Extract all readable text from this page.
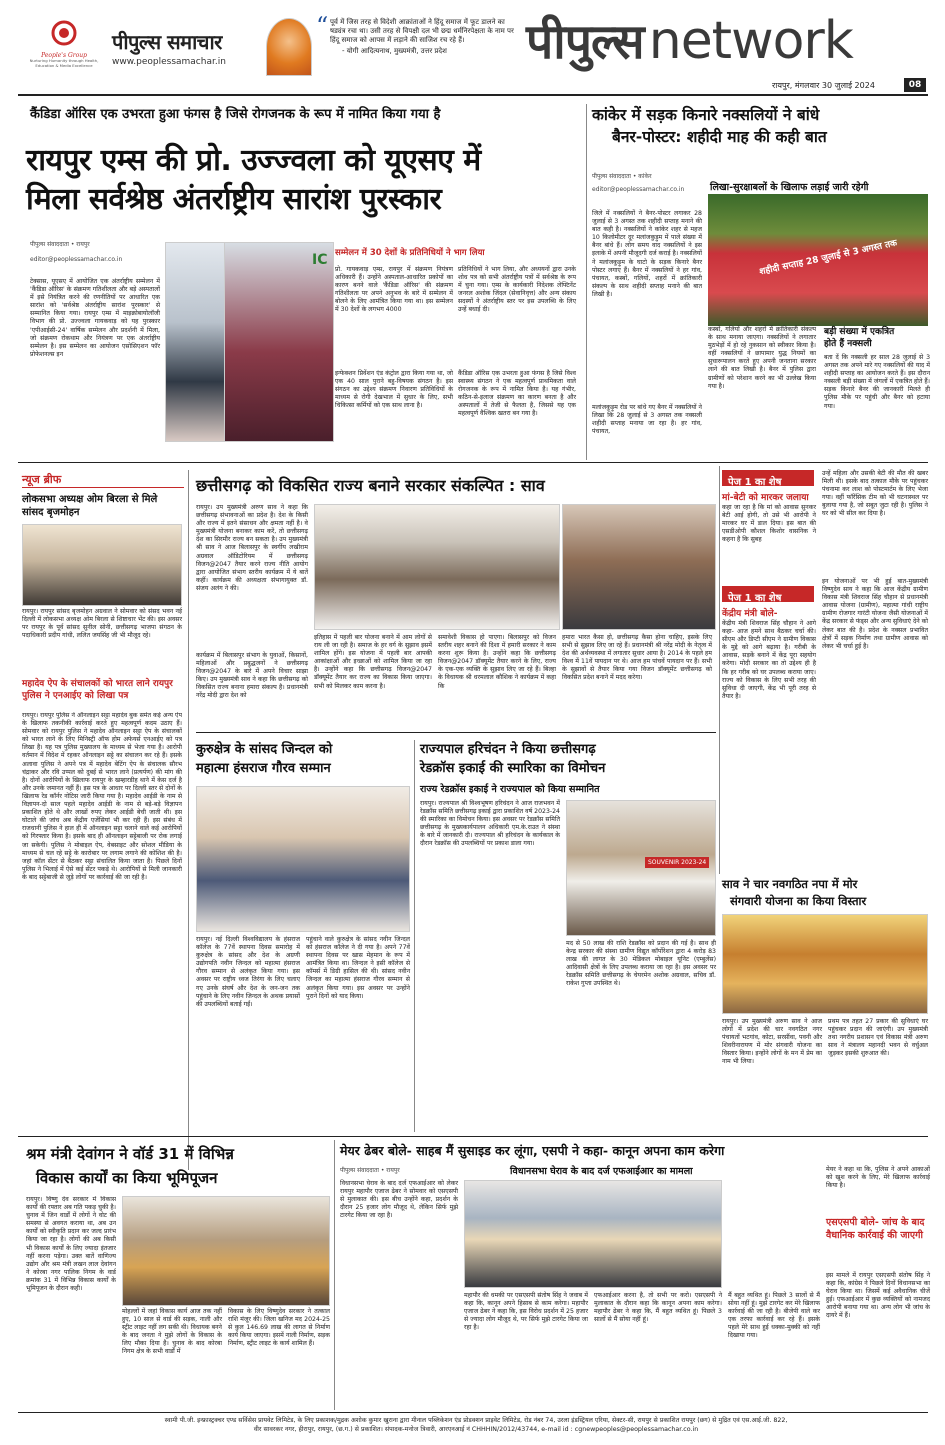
People's Group
Nurturing Humanity through Health, Education & Media Excellence
पीपुल्स समाचार
www.peoplessamachar.in
“ पूर्व में जिस तरह से विदेशी आक्रांताओं ने हिंदू समाज में फूट डालने का षड्यंत्र रचा था। उसी तरह से विपक्षी दल भी छद्म धर्मनिरपेक्षता के नाम पर हिंदू समाज को आपस में लड़ाने की साजिश रच रहे हैं।
- योगी आदित्यनाथ, मुख्यमंत्री, उत्तर प्रदेश	पीपुल्स network
रायपुर, मंगलवार 30 जुलाई 2024	08
कैंडिडा ऑरिस एक उभरता हुआ फंगस है जिसे रोगजनक के रूप में नामित किया गया है
रायपुर एम्स की प्रो. उज्ज्वला को यूएसए में
मिला सर्वश्रेष्ठ अंतर्राष्ट्रीय सारांश पुरस्कार
पीपुल्स संवाददाता • रायपुर
editor@peoplessamachar.co.in	IC सम्मेलन में 30 देशों के प्रतिनिधियों ने भाग लिया
टेक्सास, यूएसए में आयोजित एक अंतर्राष्ट्रीय सम्मेलन में 'कैंडिडा ऑरिस' के संक्रमण गतिशीलता और बड़े अस्पतालों में इसे नियंत्रित करने की रणनीतियों पर आधारित एक सारांश को 'सर्वश्रेष्ठ अंतर्राष्ट्रीय सारांश पुरस्कार' से सम्मानित किया गया। रायपुर एम्स में माइक्रोबायोलॉजी विभाग की प्रो. उज्ज्वला गायकवाड़ को यह पुरस्कार 'एपीआईसी-24' वार्षिक सम्मेलन और प्रदर्शनी में मिला, जो संक्रमण रोकथाम और नियंत्रण पर एक अंतर्राष्ट्रीय सम्मेलन है। इस सम्मेलन का आयोजन एसोसिएशन फॉर प्रोफेशनल्स इन
प्रो. गायकवाड़ एम्स, रायपुर में संक्रमण नियंत्रण अधिकारी हैं। उन्होंने अस्पताल-आधारित प्रकोपों का कारण बनने वाले 'कैंडिडा ऑरिस' की संक्रमण गतिशीलता पर अपने अनुभव के बारे में सम्मेलन में बोलने के लिए आमंत्रित किया गया था। इस सम्मेलन में 30 देशों के लगभग 4000
प्रतिनिधियों ने भाग लिया, और अध्ययनों द्वारा उनके शोध पत्र को सभी अंतर्राष्ट्रीय पत्रों में सर्वश्रेष्ठ के रूप में चुना गया। एम्स के कार्यकारी निदेशक लेफ्टिनेंट जनरल अशोक जिंदल (सेवानिवृत्त) और अन्य संकाय सदस्यों ने अंतर्राष्ट्रीय स्तर पर इस उपलब्धि के लिए उन्हें बधाई दी।
इन्फेक्शन प्रिवेंशन एंड कंट्रोल द्वारा किया गया था, जो एक 40 साल पुराने बहु-विषयक संगठन है। इस संगठन का उद्देश्य संक्रमण निवारण प्रतिविधियों के माध्यम से रोगी देखभाल में सुधार के लिए, सभी चिकित्सा कर्मियों को एक साथ लाना है।
कैंडिडा ऑरिस एक उभरता हुआ फंगस है जिसे विश्व स्वास्थ्य संगठन ने एक महत्वपूर्ण प्राथमिकता वाले रोगजनक के रूप में नामित किया है। यह गंभीर, कठिन-से-इलाज संक्रमण का कारण बनता है और अस्पतालों में तेजी से फैलता है, जिससे यह एक महत्वपूर्ण वैश्विक खतरा बन गया है।
कांकेर में सड़क किनारे नक्सलियों ने बांधे
बैनर-पोस्टर: शहीदी माह की कही बात
पीपुल्स संवाददाता • कांकेर
editor@peoplessamachar.co.in	लिखा-सुरक्षाबलों के खिलाफ लड़ाई जारी रहेगी
शहीदी सप्ताह 28 जुलाई से 3 अगस्त तक
जिले में नक्सलियों ने बैनर-पोस्टर लगाकर 28 जुलाई से 3 अगस्त तक शहीदी सप्ताह मनाने की बात कही है। नक्सलियों ने कांकेर शहर से महज 10 किलोमीटर दूर मलांजकुड़ुम में पाले संख्या में बैनर बांधे हैं। लोग समय वाद नक्सलियों ने इस इलाके में अपनी मौजूदगी दर्ज कराई है। नक्सलियों ने मलांजकुड़ुम के घाटो के सड़क किनारे बैनर पोस्टर लगाए हैं। बैनर में नक्सलियों ने हर गांव, पंचायत, कस्बों, गलियों, शहरों में क्रांतिकारी संकल्प के साथ शहीदी सप्ताह मनाने की बात लिखी है।
मलांजकुड़ुम रोड पर बांधे गए बैनर में नक्सलियों ने लिखा कि 28 जुलाई से 3 अगस्त तक नक्सली शहीदी सप्ताह मनाया जा रहा है। हर गांव, पंचायत,
कस्बों, गलियों और शहरों में क्रांतिकारी संकल्प के साथ मनाया जाएगा। नक्सलियों ने लगातार मुठभेड़ों में हो रहे नुकसान को स्वीकार किया है। वहीं नक्सलियों ने छापामार युद्ध नियमों का सुचारूपालन करते हुए अपनी जनताना सरकार लाने की बात लिखी है। बैनर में पुलिस द्वारा ग्रामीणों को परेशान करने का भी उल्लेख किया गया है।
बड़ी संख्या में एकत्रित
होते हैं नक्सली
बता दें कि नक्सली हर साल 28 जुलाई से 3 अगस्त तक अपने मारे गए नक्सलियों की याद में शहीदी सप्ताह का आयोजन करते हैं। इस दौरान नक्सली बड़ी संख्या में जंगलों में एकत्रित होते हैं। सड़क किनारे बैनर की जानकारी मिलते ही पुलिस मौके पर पहुंची और बैनर को हटाया गया।
न्यूज ब्रीफ
लोकसभा अध्यक्ष ओम बिरला से मिले सांसद बृजमोहन
रायपुर। रायपुर सांसद बृजमोहन अग्रवाल ने सोमवार को संसद भवन नई दिल्ली में लोकसभा अध्यक्ष ओम बिरला से शिष्टाचार भेंट की। इस अवसर पर रायपुर के पूर्व सांसद सुनील सोनी, छत्तीसगढ़ भाजपा संगठन के पदाधिकारी प्रदीप गांधी, ललित जयसिंह जी भी मौजूद रहे।
महादेव ऐप के संचालकों को भारत लाने रायपुर पुलिस ने एनआईए को लिखा पत्र
रायपुर। रायपुर पुलिस ने ऑनलाइन सट्टा महादेव बुक समेत कई अन्य ऐप के खिलाफ तकनीकी कार्रवाई करते हुए महत्वपूर्ण कदम उठाए हैं। सोमवार को रायपुर पुलिस ने महादेव ऑनलाइन सट्टा ऐप के संचालकों को भारत लाने के लिए मिनिस्ट्री ऑफ होम अफेयर्स एनआईए को पत्र लिखा है। यह पत्र पुलिस मुख्यालय के माध्यम से भेजा गया है। आरोपी वर्तमान में विदेश में रहकर ऑनलाइन सट्टे का संचालन कर रहे हैं। इसके अलावा पुलिस ने अपने पत्र में महादेव बेटिंग ऐप के संचालक सौरभ चंद्राकर और रवि उप्पल को दुबई से भारत लाने (प्रत्यर्पण) की मांग की है। दोनों आरोपियों के खिलाफ रायपुर के खम्हारडीह थाने में केस दर्ज है और उनके जमानत नहीं हैं। इस पत्र के आधार पर दिल्ली स्तर से दोनों के खिलाफ रेड कॉर्नर नोटिस जारी किया गया है। महादेव आईडी के नाम से विज्ञापन-दो साल पहले महादेव आईडी के नाम से बड़े-बड़े विज्ञापन प्रकाशित होते थे और लाखों रुपए लेकर आईडी बेची जाती थी। इस घोटाले की जांच अब केंद्रीय एजेंसियां भी कर रही हैं। इस संबंध में राजधानी पुलिस ने हाल ही में ऑनलाइन सट्टा चलाने वाले कई आरोपियों को गिरफ्तार किया है। इसके बाद ही ऑनलाइन सट्टेबाजी पर रोक लगाई जा सकेगी। पुलिस ने मोबाइल ऐप, वेबसाइट और सोशल मीडिया के माध्यम से चल रहे सट्टे के कारोबार पर लगाम लगाने की कोशिश की है। जहां कॉल सेंटर से बैठकर सट्टा संचालित किया जाता है। पिछले दिनों पुलिस ने भिलाई में ऐसे कई सेंटर पकड़े थे। आरोपियों से मिली जानकारी के बाद सट्टेबाजी से जुड़े लोगों पर कार्रवाई की जा रही है।
छत्तीसगढ़ को विकसित राज्य बनाने सरकार संकल्पित : साव
रायपुर। उप मुख्यमंत्री अरुण साव ने कहा कि छत्तीसगढ़ संभावनाओं का प्रदेश है। देश के किसी और राज्य में इतने संसाधन और क्षमता नहीं है। वे मुख्यमंत्री योजना बनाकर काम करें, तो छत्तीसगढ़ देश का सिरमौर राज्य बन सकता है। उप मुख्यमंत्री श्री साव ने आज बिलासपुर के स्वर्गीय लखीराम अग्रवाल ऑडिटोरियम में छत्तीसगढ़ विजन@2047 तैयार करने राज्य नीति आयोग द्वारा आयोजित संभाग स्तरीय कार्यक्रम में ये बातें कहीं। कार्यक्रम की अध्यक्षता संभागायुक्त डॉ. संजय अलंग ने की।
कार्यक्रम में बिलासपुर संभाग के युवाओं, किसानों, महिलाओं और प्रबुद्धजनों ने छत्तीसगढ़ विजन@2047 के बारे में अपने विचार साझा किए। उप मुख्यमंत्री साव ने कहा कि छत्तीसगढ़ को विकसित राज्य बनाना हमारा संकल्प है। प्रधानमंत्री नरेंद्र मोदी द्वारा देश को
इतिहास में पहली बार योजना बनाने में आम लोगों से राय ली जा रही है। समाज के हर वर्ग के सुझाव इसमें शामिल होंगे। इस योजना में पहली बार आपकी आकांक्षाओं और इच्छाओं को शामिल किया जा रहा है। उन्होंने कहा कि छत्तीसगढ़ विजन@2047 डॉक्यूमेंट तैयार कर राज्य का विकास किया जाएगा। सभी को मिलकर काम करना है।
समावेशी विकास हो पाएगा। बिलासपुर को विजन स्तरीय शहर बनाने की दिशा में हमारी सरकार ने काम करना शुरू किया है। उन्होंने कहा कि छत्तीसगढ़ विजन@2047 डॉक्यूमेंट तैयार करने के लिए, राज्य के एक-एक व्यक्ति के सुझाव लिए जा रहे हैं। बिल्हा के विधायक श्री धरमलाल कौशिक ने कार्यक्रम में कहा कि
हमारा भारत कैसा हो, छत्तीसगढ़ कैसा होना चाहिए, इसके लिए सभी से सुझाव लिए जा रहे हैं। प्रधानमंत्री श्री नरेंद्र मोदी के नेतृत्व में देश की अर्थव्यवस्था में लगातार सुधार आया है। 2014 के पहले हम विश्व में 11वें पायदान पर थे। आज हम पांचवें पायदान पर हैं। सभी के सुझावों से तैयार किया गया विजन डॉक्यूमेंट छत्तीसगढ़ को विकसित प्रदेश बनाने में मदद करेगा।
पेज 1 का शेष
मां-बेटी को मारकर जलाया
कहा जा रहा है कि मां को आवास सुनकर बेटी आई होगी, तो उसे भी आरोपी ने मारकर घर में डाल दिया। इस बात की एसडीओपी कौशल किशोर वासनिक ने कहना है कि सुबह
उन्हें महिला और उसकी बेटी की मौत की खबर मिली थी। इसके बाद तत्काल मौके पर पहुंचकर पंचनामा कर लाश को पोस्टमार्टम के लिए भेजा गया। वहीं फॉरेंसिक टीम को भी घटनास्थल पर बुलाया गया है, जो सबूत जुटा रही है। पुलिस ने घर को भी सील कर दिया है।
पेज 1 का शेष
केंद्रीय मंत्री बोले-
केंद्रीय मंत्री शिवराज सिंह चौहान ने आगे कहा- आज हमने साथ बैठकर चर्चा की। सीएम और डिप्टी सीएम ने ग्रामीण विकास के मुद्दे को आगे बढ़ाया है। गरीबी के आवास, सड़कें बनाने में केंद्र पूरा सहयोग करेगा। मोदी सरकार का तो उद्देश्य ही है कि हर गरीब को घर उपलब्ध कराया जाए। राज्य को विकास के लिए सभी तरह की सुविधा दी जाएगी, केंद्र भी पूरी तरह से तैयार है।
इन योजनाओं पर भी हुई बात-मुख्यमंत्री विष्णुदेव साय ने कहा कि आज केंद्रीय ग्रामीण विकास मंत्री शिवराज सिंह चौहान से प्रधानमंत्री आवास योजना (ग्रामीण), महात्मा गांधी राष्ट्रीय ग्रामीण रोजगार गारंटी योजना जैसी योजनाओं में केंद्र सरकार से फंड्स और अन्य सुविधाएं देने को लेकर बात की है। प्रदेश के नक्सल प्रभावित क्षेत्रों में सड़क निर्माण तथा ग्रामीण आवास को लेकर भी चर्चा हुई है।
कुरुक्षेत्र के सांसद जिन्दल को
महात्मा हंसराज गौरव सम्मान
रायपुर। नई दिल्ली विश्वविद्यालय के हंसराज कॉलेज के 77वें स्थापना दिवस समारोह में कुरुक्षेत्र के सांसद और देश के अग्रणी उद्योगपति नवीन जिन्दल को महात्मा हंसराज गौरव सम्मान से अलंकृत किया गया। इस अवसर पर राष्ट्रीय ध्वज तिरंगा के लिए चलाए गए उनके संघर्ष और देश के जन-जन तक पहुंचाने के लिए नवीन जिन्दल के अथक प्रयासों की उपलब्धियों बताई गईं।
पहुंचाने वाले कुरुक्षेत्र के सांसद नवीन जिन्दल को हंसराज कॉलेज ने दी गया है। अपने 77वें स्थापना दिवस पर खास मेहमान के रूप में आमंत्रित किया था। जिन्दल ने इसी कॉलेज से कॉमर्स में डिग्री हासिल की थी। सांसद नवीन जिन्दल का महात्मा हंसराज गौरव सम्मान से अलंकृत किया गया। इस अवसर पर उन्होंने पुराने दिनों को याद किया।
राज्यपाल हरिचंदन ने किया छत्तीसगढ़
रेडक्रॉस इकाई की स्मारिका का विमोचन
राज्य रेडक्रॉस इकाई ने राज्यपाल को किया सम्मानित
रायपुर। राज्यपाल श्री विश्वभूषण हरिचंदन ने आज राजभवन में रेडक्रॉस समिति छत्तीसगढ़ इकाई द्वारा प्रकाशित वर्ष 2023-24 की स्मारिका का विमोचन किया। इस अवसर पर रेडक्रॉस समिति छत्तीसगढ़ के मुख्यकार्यपालन अधिकारी एम.के.राउत ने संस्था के बारे में जानकारी दी। राज्यपाल श्री हरिचंदन के कार्यकाल के दौरान रेडक्रॉस की उपलब्धियों पर प्रकाश डाला गया।
SOUVENIR 2023-24
मद से 50 लाख की राशि रेडक्रॉस को प्रदान की गई है। साथ ही केन्द्र सरकार की संस्था ग्रामीण विद्युत कॉर्पोरेशन द्वारा 4 करोड़ 83 लाख की लागत के 30 मेडिकल मोबाइल यूनिट (एम्बुलेंस) आदिवासी क्षेत्रों के लिए उपलब्ध कराया जा रहा है। इस अवसर पर रेडक्रॉस समिति छत्तीसगढ़ के चेयरमेन अशोक अग्रवाल, सचिव डॉ. राकेश गुप्ता उपस्थित थे।
साव ने चार नवगठित नपा में मोर
संगवारी योजना का किया विस्तार
रायपुर। उप मुख्यमंत्री अरुण साव ने आज लोगों में प्रदेश की चार नवगठित नगर पंचायतों भटगांव, कोटा, सरसींवा, पवनी और शिवरीनारायण में मोर संगवारी योजना का विस्तार किया। इन्होंने लोगों के मन में प्रेम का नाम भी लिया।
प्रथम पत्र तहत 27 प्रकार की सुविधाएं घर पहुंचकर प्रदान की जाएंगी। उप मुख्यमंत्री तथा नगरीय प्रशासन एवं विकास मंत्री अरुण साव ने मंत्रालय महानदी भवन से वर्चुअल जुड़कर इसकी शुरुआत की।
श्रम मंत्री देवांगन ने वॉर्ड 31 में विभिन्न
विकास कार्यों का किया भूमिपूजन
रायपुर। विष्णु देव सरकार में विकास कार्यों की रफ्तार अब गति पकड़ चुकी है। चुनाव में जिन वार्डों में लोगों ने वोट की समस्या से अवगत कराया था, अब उन कार्यों को स्वीकृति प्रदान कर जल्द प्रारंभ किया जा रहा है। लोगों की अब किसी भी विकास कार्यों के लिए ज्यादा इंतजार नहीं करना पड़ेगा। उक्त बातें वाणिज्य उद्योग और श्रम मंत्री लखन लाल देवांगन ने कोरबा नगर पालिक निगम के वार्ड क्रमांक 31 में विभिन्न विकास कार्यों के भूमिपूजन के दौरान कही।
मोहल्लों में जहां विकास कार्य आज तक नहीं हुए, 10 साल से वार्ड की सड़क, नाली और स्ट्रीट लाइट नहीं लग सकी थी। विधायक बनने के बाद जनता ने मुझे लोगों के विकास के लिए मौका दिया है। चुनाव के बाद कोरबा निगम क्षेत्र के सभी वार्डों में
विकास के लिए विष्णुदेव सरकार ने तत्काल राशि मंजूर की। जिला खनिज मद 2024-25 से कुल 146.69 लाख की लागत से निर्माण कार्य किया जाएगा। इसमें नाली निर्माण, सड़क निर्माण, स्ट्रीट लाइट के कार्य शामिल हैं।
मेयर ढेबर बोले- साहब मैं सुसाइड कर लूंगा, एसपी ने कहा- कानून अपना काम करेगा
पीपुल्स संवाददाता • रायपुर	विधानसभा घेराव के बाद दर्ज एफआईआर का मामला
विधानसभा घेराव के बाद दर्ज एफआईआर को लेकर रायपुर महापौर एजाज ढेबर ने सोमवार को एसएसपी से मुलाकात की। इस बीच उन्होंने कहा, प्रदर्शन के दौरान 25 हजार लोग मौजूद थे, लेकिन सिर्फ मुझे टारगेट किया जा रहा है।
महापौर की धमकी पर एसएसपी संतोष सिंह ने जवाब में कहा कि, कानून अपने हिसाब से काम करेगा। महापौर एजाज ढेबर ने कहा कि, इस विरोध प्रदर्शन में 25 हजार से ज्यादा लोग मौजूद थे, पर सिर्फ मुझे टारगेट किया जा रहा है।
एफआईआर करना है, तो सभी पर करो। एसएसपी ने मुलाकात के दौरान कहा कि कानून अपना काम करेगा। महापौर ढेबर ने कहा कि, मैं बहुत व्यथित हूं। पिछले 3 सालों से मैं सोया नहीं हूं।
मेयर ने कहा था कि, पुलिस ने अपने आकाओं को खुश करने के लिए, मेरे खिलाफ कार्रवाई किया है।
एसएसपी बोले- जांच के बाद वैधानिक कार्रवाई की जाएगी
इस मामले में रायपुर एसएसपी संतोष सिंह ने कहा कि, कांग्रेस ने पिछले दिनों विधानसभा का घेराव किया था। जिसमें कई अवैधानिक चीजें हुई। एफआईआर में कुछ व्यक्तियों को नामजद आरोपी बनाया गया था। अन्य लोग भी जांच के दायरे में हैं।
मैं बहुत व्यथित हूं। पिछले 3 सालों से मैं सोया नहीं हूं। मुझे टारगेट कर मेरे खिलाफ कार्रवाई की जा रही है। बीजेपी वाले कर एक तरफा कार्रवाई कर रहे हैं। इसके पहले मेरे साथ हुई धक्का-मुक्की को नहीं दिखाया गया।
स्वामी पी.जी. इन्फ्रास्ट्रक्चर एण्ड सर्विसेस प्रायवेट लिमिटेड, के लिए प्रकाशक/मुद्रक अशोक कुमार खुराना द्वारा मीनाल पब्लिकेशन एंड प्रोडक्शन प्राइवेट लिमिटेड, रोड नंबर 74, उरला इंडस्ट्रियल एरिया, सेक्टर-सी, रायपुर से प्रकाशित रायपुर (छग) से मुद्रित एवं एस.आई.जी. 822,
वीर सावरकर नगर, हीरापुर, रायपुर, (छ.ग.) से प्रकाशित। संपादक-मनोज त्रिवारी, आरएनआई नं CHHHIN/2012/43744, e-mail id : cgnewpeoples@peoplessamachar.co.in
